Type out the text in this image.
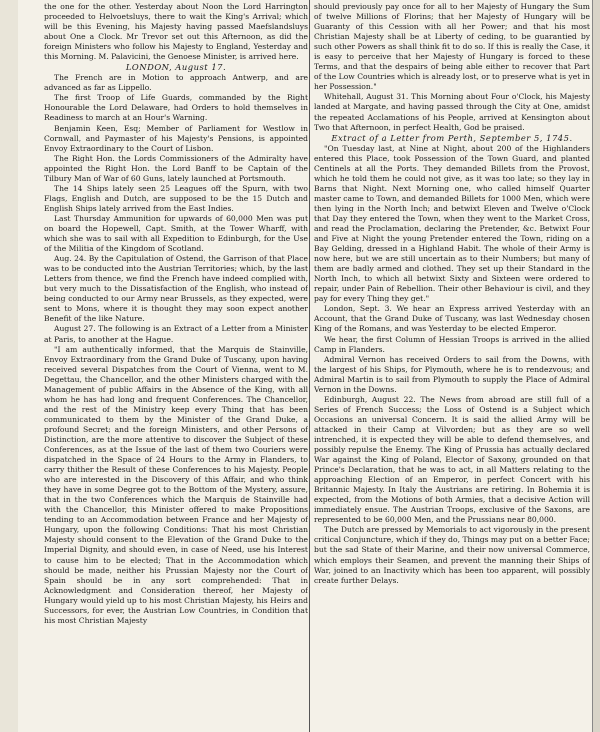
the one for the other. Yesterday about Noon the Lord Harrington proceeded to Helvoetsluys, there to wait the King's Arrival; which will be this Evening, his Majesty having passed Maefslandsluys about One a Clock. Mr Trevor set out this Afternoon, as did the foreign Ministers who follow his Majesty to England, Yesterday and this Morning. M. Palavicini, the Genoese Minister, is arrived here.

LONDON, August 17.

The French are in Motion to approach Antwerp, and are advanced as far as Lippello.

The first Troop of Life Guards, commanded by the Right Honourable the Lord Delaware, had Orders to hold themselves in Readiness to march at an Hour's Warning.

Benjamin Keen, Esq; Member of Parliament for Westlow in Cornwall, and Paymaster of his Majesty's Pensions, is appointed Envoy Extraordinary to the Court of Lisbon.

The Right Hon. the Lords Commissioners of the Admiralty have appointed the Right Hon. the Lord Banff to be Captain of the Tilbury Man of War of 60 Guns, lately launched at Portsmouth.

The 14 Ships lately seen 25 Leagues off the Spurn, with two Flags, English and Dutch, are supposed to be the 15 Dutch and English Ships lately arrived from the East Indies.

Last Thursday Ammunition for upwards of 60,000 Men was put on board the Hopewell, Capt. Smith, at the Tower Wharff, with which she was to sail with all Expedition to Edinburgh, for the Use of the Militia of the Kingdom of Scotland.

Aug. 24. By the Capitulation of Ostend, the Garrison of that Place was to be conducted into the Austrian Territories; which, by the last Letters from thence, we find the French have indeed complied with, but very much to the Dissatisfaction of the English, who instead of being conducted to our Army near Brussels, as they expected, were sent to Mons, where it is thought they may soon expect another Benefit of the like Nature.

August 27. The following is an Extract of a Letter from a Minister at Paris, to another at the Hague.

"I am authentically informed, that the Marquis de Stainville, Envoy Extraordinary from the Grand Duke of Tuscany, upon having received several Dispatches from the Court of Vienna, went to M. Degettau, the Chancellor, and the other Ministers charged with the Management of public Affairs in the Absence of the King, with all whom he has had long and frequent Conferences. The Chancellor, and the rest of the Ministry keep every Thing that has been communicated to them by the Minister of the Grand Duke, a profound Secret; and the foreign Ministers, and other Persons of Distinction, are the more attentive to discover the Subject of these Conferences, as at the Issue of the last of them two Couriers were dispatched in the Space of 24 Hours to the Army in Flanders, to carry thither the Result of these Conferences to his Majesty. People who are interested in the Discovery of this Affair, and who think they have in some Degree got to the Bottom of the Mystery, assure, that in the two Conferences which the Marquis de Stainville had with the Chancellor, this Minister offered to make Propositions tending to an Accommodation between France and her Majesty of Hungary, upon the following Conditions: That his most Christian Majesty should consent to the Elevation of the Grand Duke to the Imperial Dignity, and should even, in case of Need, use his Interest to cause him to be elected; That in the Accommodation which should be made, neither his Prussian Majesty nor the Court of Spain should be in any sort comprehended: That in Acknowledgment and Consideration thereof, her Majesty of Hungary would yield up to his most Christian Majesty, his Heirs and Successors, for ever, the Austrian Low Countries, in Condition that his most Christian Majesty

should previously pay once for all to her Majesty of Hungary the Sum of twelve Millions of Florins; that her Majesty of Hungary will be Guaranty of this Cession with all her Power; and that his most Christian Majesty shall be at Liberty of ceding, to be guarantied by such other Powers as shall think fit to do so. If this is really the Case, it is easy to perceive that her Majesty of Hungary is forced to these Terms, and that the despairs of being able either to recover that Part of the Low Countries which is already lost, or to preserve what is yet in her Possession."

Whitehall, August 31. This Morning about Four o'Clock, his Majesty landed at Margate, and having passed through the City at One, amidst the repeated Acclamations of his People, arrived at Kensington about Two that Afternoon, in perfect Health, God be praised.

Extract of a Letter from Perth, September 5, 1745.

"On Tuesday last, at Nine at Night, about 200 of the Highlanders entered this Place, took Possession of the Town Guard, and planted Centinels at all the Ports. They demanded Billets from the Provost, which he told them he could not give, as it was too late; so they lay in Barns that Night. Next Morning one, who called himself Quarter master came to Town, and demanded Billets for 1000 Men, which were then lying in the North Inch; and betwixt Eleven and Twelve o'Clock that Day they entered the Town, when they went to the Market Cross, and read the Proclamation, declaring the Pretender, &c. Betwixt Four and Five at Night the young Pretender entered the Town, riding on a Bay Gelding, dressed in a Highland Habit. The whole of their Army is now here, but we are still uncertain as to their Numbers; but many of them are badly armed and clothed. They set up their Standard in the North Inch, to which all betwixt Sixty and Sixteen were ordered to repair, under Pain of Rebellion. Their other Behaviour is civil, and they pay for every Thing they get."

London, Sept. 3. We hear an Express arrived Yesterday with an Account, that the Grand Duke of Tuscany, was last Wednesday chosen King of the Romans, and was Yesterday to be elected Emperor.

We hear, the first Column of Hessian Troops is arrived in the allied Camp in Flanders.

Admiral Vernon has received Orders to sail from the Downs, with the largest of his Ships, for Plymouth, where he is to rendezvous; and Admiral Martin is to sail from Plymouth to supply the Place of Admiral Vernon in the Downs.

Edinburgh, August 22. The News from abroad are still full of a Series of French Success; the Loss of Ostend is a Subject which Occasions an universal Concern. It is said the allied Army will be attacked in their Camp at Vilvorden; but as they are so well intrenched, it is expected they will be able to defend themselves, and possibly repulse the Enemy. The King of Prussia has actually declared War against the King of Poland, Elector of Saxony, grounded on that Prince's Declaration, that he was to act, in all Matters relating to the approaching Election of an Emperor, in perfect Concert with his Britannic Majesty. In Italy the Austrians are retiring. In Bohemia it is expected, from the Motions of both Armies, that a decisive Action will immediately ensue. The Austrian Troops, exclusive of the Saxons, are represented to be 60,000 Men, and the Prussians near 80,000.

The Dutch are pressed by Memorials to act vigorously in the present critical Conjuncture, which if they do, Things may put on a better Face; but the sad State of their Marine, and their now universal Commerce, which employs their Seamen, and prevent the manning their Ships of War, joined to an Inactivity which has been too apparent, will possibly create further Delays.
